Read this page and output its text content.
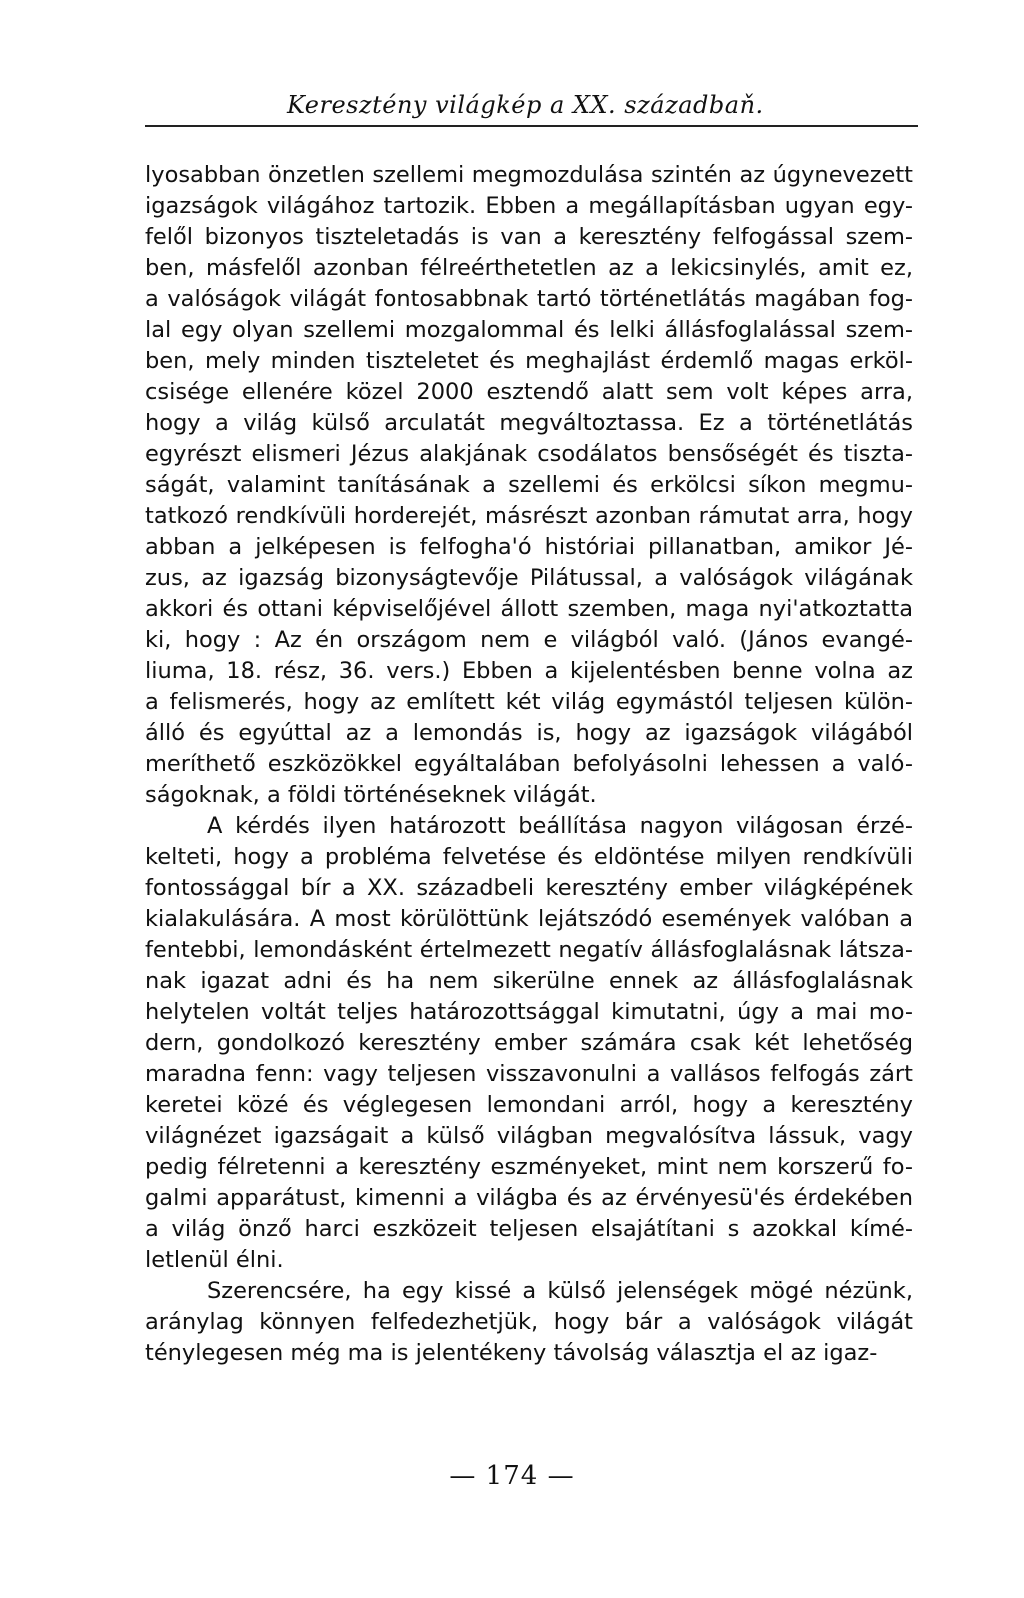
Keresztény világkép a XX. századbaň.
lyosabban önzetlen szellemi megmozdulása szintén az úgynevezett
igazságok világához tartozik. Ebben a megállapításban ugyan egy-
felől bizonyos tiszteletadás is van a keresztény felfogással szem-
ben, másfelől azonban félreérthetetlen az a lekicsinylés, amit ez,
a valóságok világát fontosabbnak tartó történetlátás magában fog-
lal egy olyan szellemi mozgalommal és lelki állásfoglalással szem-
ben, mely minden tiszteletet és meghajlást érdemlő magas erköl-
csisége ellenére közel 2000 esztendő alatt sem volt képes arra,
hogy a világ külső arculatát megváltoztassa. Ez a történetlátás
egyrészt elismeri Jézus alakjának csodálatos bensőségét és tiszta-
ságát, valamint tanításának a szellemi és erkölcsi síkon megmu-
tatkozó rendkívüli horderejét, másrészt azonban rámutat arra, hogy
abban a jelképesen is felfogha'ó históriai pillanatban, amikor Jé-
zus, az igazság bizonyságtevője Pilátussal, a valóságok világának
akkori és ottani képviselőjével állott szemben, maga nyi'atkoztatta
ki, hogy : Az én országom nem e világból való. (János evangé-
liuma, 18. rész, 36. vers.) Ebben a kijelentésben benne volna az
a felismerés, hogy az említett két világ egymástól teljesen külön-
álló és egyúttal az a lemondás is, hogy az igazságok világából
meríthető eszközökkel egyáltalában befolyásolni lehessen a való-
ságoknak, a földi történéseknek világát.
A kérdés ilyen határozott beállítása nagyon világosan érzé-
kelteti, hogy a probléma felvetése és eldöntése milyen rendkívüli
fontossággal bír a XX. századbeli keresztény ember világképének
kialakulására. A most körülöttünk lejátszódó események valóban a
fentebbi, lemondásként értelmezett negatív állásfoglalásnak látsza-
nak igazat adni és ha nem sikerülne ennek az állásfoglalásnak
helytelen voltát teljes határozottsággal kimutatni, úgy a mai mo-
dern, gondolkozó keresztény ember számára csak két lehetőség
maradna fenn: vagy teljesen visszavonulni a vallásos felfogás zárt
keretei közé és véglegesen lemondani arról, hogy a keresztény
világnézet igazságait a külső világban megvalósítva lássuk, vagy
pedig félretenni a keresztény eszményeket, mint nem korszerű fo-
galmi apparátust, kimenni a világba és az érvényesü'és érdekében
a világ önző harci eszközeit teljesen elsajátítani s azokkal kímé-
letlenül élni.
Szerencsére, ha egy kissé a külső jelenségek mögé nézünk,
aránylag könnyen felfedezhetjük, hogy bár a valóságok világát
ténylegesen még ma is jelentékeny távolság választja el az igaz-
— 174 —
